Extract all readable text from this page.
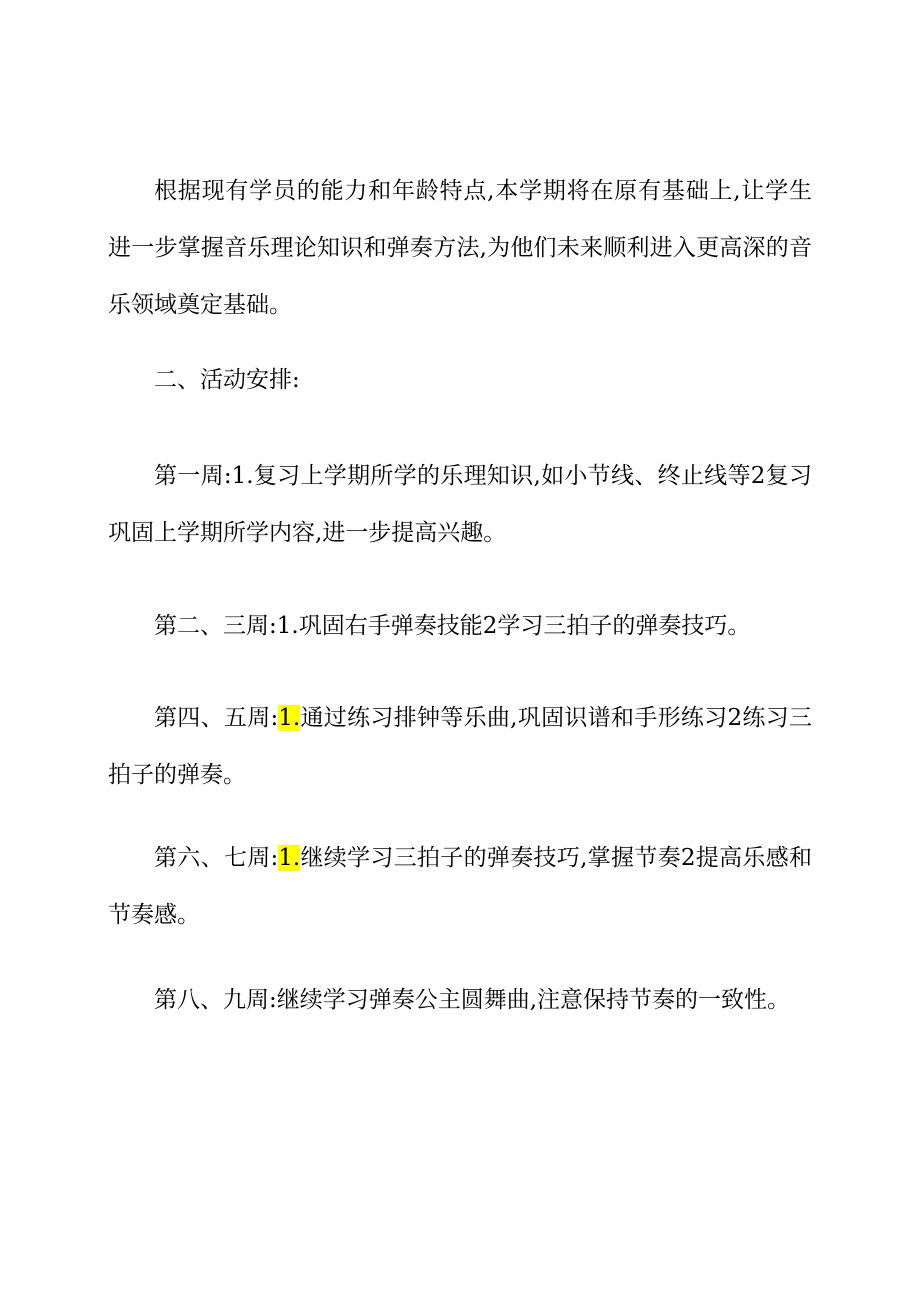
根据现有学员的能力和年龄特点,本学期将在原有基础上,让学生进一步掌握音乐理论知识和弹奏方法,为他们未来顺利进入更高深的音乐领域奠定基础。

二、活动安排:

第一周:1.复习上学期所学的乐理知识,如小节线、终止线等2复习巩固上学期所学内容,进一步提高兴趣。

第二、三周:1.巩固右手弹奏技能2学习三拍子的弹奏技巧。

第四、五周:1.通过练习排钟等乐曲,巩固识谱和手形练习2练习三拍子的弹奏。

第六、七周:1.继续学习三拍子的弹奏技巧,掌握节奏2提高乐感和节奏感。

第八、九周:继续学习弹奏公主圆舞曲,注意保持节奏的一致性。
